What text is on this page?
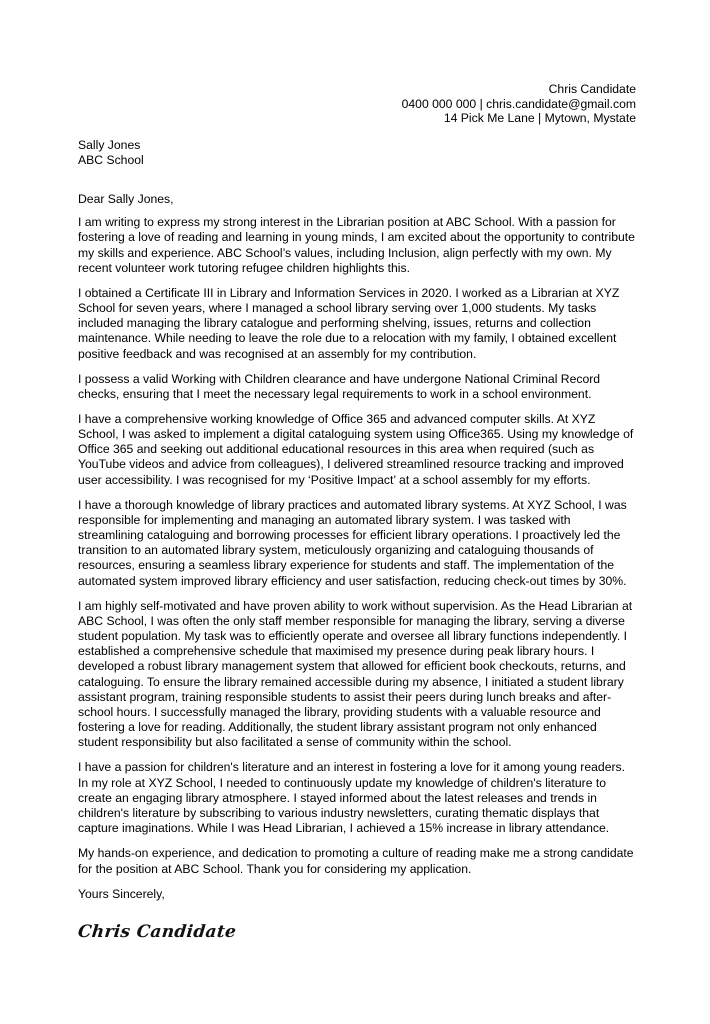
Chris Candidate
0400 000 000 | chris.candidate@gmail.com
14 Pick Me Lane | Mytown, Mystate
Sally Jones
ABC School

Dear Sally Jones,

I am writing to express my strong interest in the Librarian position at ABC School. With a passion for fostering a love of reading and learning in young minds, I am excited about the opportunity to contribute my skills and experience. ABC School’s values, including Inclusion, align perfectly with my own. My recent volunteer work tutoring refugee children highlights this.

I obtained a Certificate III in Library and Information Services in 2020. I worked as a Librarian at XYZ School for seven years, where I managed a school library serving over 1,000 students. My tasks included managing the library catalogue and performing shelving, issues, returns and collection maintenance. While needing to leave the role due to a relocation with my family, I obtained excellent positive feedback and was recognised at an assembly for my contribution.

I possess a valid Working with Children clearance and have undergone National Criminal Record checks, ensuring that I meet the necessary legal requirements to work in a school environment.

I have a comprehensive working knowledge of Office 365 and advanced computer skills. At XYZ School, I was asked to implement a digital cataloguing system using Office365. Using my knowledge of Office 365 and seeking out additional educational resources in this area when required (such as YouTube videos and advice from colleagues), I delivered streamlined resource tracking and improved user accessibility. I was recognised for my ‘Positive Impact’ at a school assembly for my efforts.

I have a thorough knowledge of library practices and automated library systems. At XYZ School, I was responsible for implementing and managing an automated library system. I was tasked with streamlining cataloguing and borrowing processes for efficient library operations. I proactively led the transition to an automated library system, meticulously organizing and cataloguing thousands of resources, ensuring a seamless library experience for students and staff. The implementation of the automated system improved library efficiency and user satisfaction, reducing check-out times by 30%.

I am highly self-motivated and have proven ability to work without supervision. As the Head Librarian at ABC School, I was often the only staff member responsible for managing the library, serving a diverse student population. My task was to efficiently operate and oversee all library functions independently. I established a comprehensive schedule that maximised my presence during peak library hours. I developed a robust library management system that allowed for efficient book checkouts, returns, and cataloguing. To ensure the library remained accessible during my absence, I initiated a student library assistant program, training responsible students to assist their peers during lunch breaks and after-school hours. I successfully managed the library, providing students with a valuable resource and fostering a love for reading. Additionally, the student library assistant program not only enhanced student responsibility but also facilitated a sense of community within the school.

I have a passion for children's literature and an interest in fostering a love for it among young readers. In my role at XYZ School, I needed to continuously update my knowledge of children's literature to create an engaging library atmosphere. I stayed informed about the latest releases and trends in children's literature by subscribing to various industry newsletters, curating thematic displays that capture imaginations. While I was Head Librarian, I achieved a 15% increase in library attendance.

My hands-on experience, and dedication to promoting a culture of reading make me a strong candidate for the position at ABC School. Thank you for considering my application.

Yours Sincerely,

Chris Candidate
